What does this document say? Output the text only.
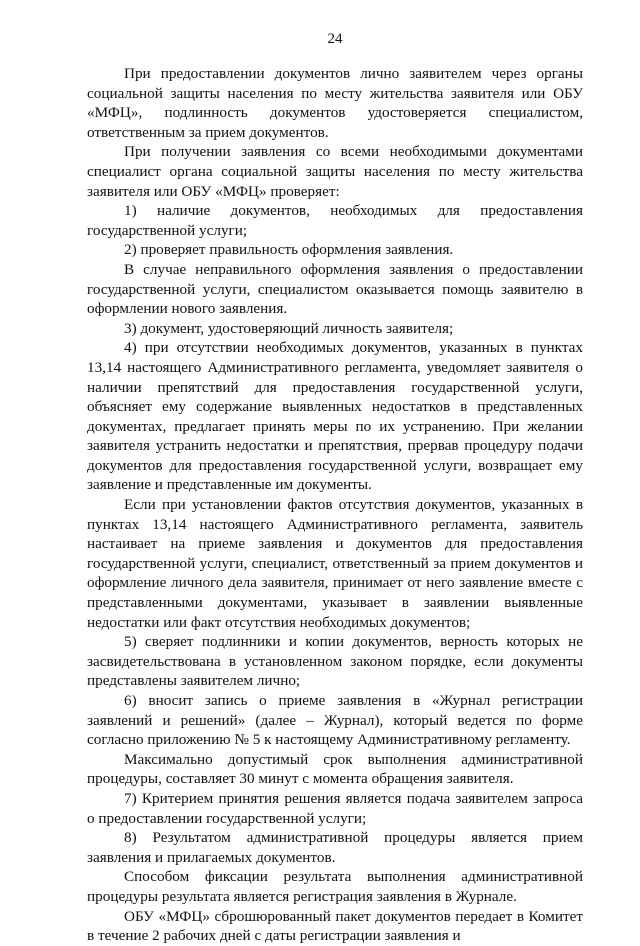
24

При предоставлении документов лично заявителем через органы социальной защиты населения по месту жительства заявителя или ОБУ «МФЦ», подлинность документов удостоверяется специалистом, ответственным за прием документов.

При получении заявления со всеми необходимыми документами специалист органа социальной защиты населения по месту жительства заявителя или ОБУ «МФЦ» проверяет:

1) наличие документов, необходимых для предоставления государственной услуги;

2) проверяет правильность оформления заявления.

В случае неправильного оформления заявления о предоставлении государственной услуги, специалистом оказывается помощь заявителю в оформлении нового заявления.

3) документ, удостоверяющий личность заявителя;

4) при отсутствии необходимых документов, указанных в пунктах 13,14 настоящего Административного регламента, уведомляет заявителя о наличии препятствий для предоставления государственной услуги, объясняет ему содержание выявленных недостатков в представленных документах, предлагает принять меры по их устранению. При желании заявителя устранить недостатки и препятствия, прервав процедуру подачи документов для предоставления государственной услуги, возвращает ему заявление и представленные им документы.

Если при установлении фактов отсутствия документов, указанных в пунктах 13,14 настоящего Административного регламента, заявитель настаивает на приеме заявления и документов для предоставления государственной услуги, специалист, ответственный за прием документов и оформление личного дела заявителя, принимает от него заявление вместе с представленными документами, указывает в заявлении выявленные недостатки или факт отсутствия необходимых документов;

5) сверяет подлинники и копии документов, верность которых не засвидетельствована в установленном законом порядке, если документы представлены заявителем лично;

6) вносит запись о приеме заявления в «Журнал регистрации заявлений и решений» (далее – Журнал), который ведется по форме согласно приложению № 5 к настоящему Административному регламенту.

Максимально допустимый срок выполнения административной процедуры, составляет 30 минут с момента обращения заявителя.

7) Критерием принятия решения является подача заявителем запроса о предоставлении государственной услуги;

8) Результатом административной процедуры является прием заявления и прилагаемых документов.

Способом фиксации результата выполнения административной процедуры результата является регистрация заявления в Журнале.

ОБУ «МФЦ» сброшюрованный пакет документов передает в Комитет в течение 2 рабочих дней с даты регистрации заявления и
